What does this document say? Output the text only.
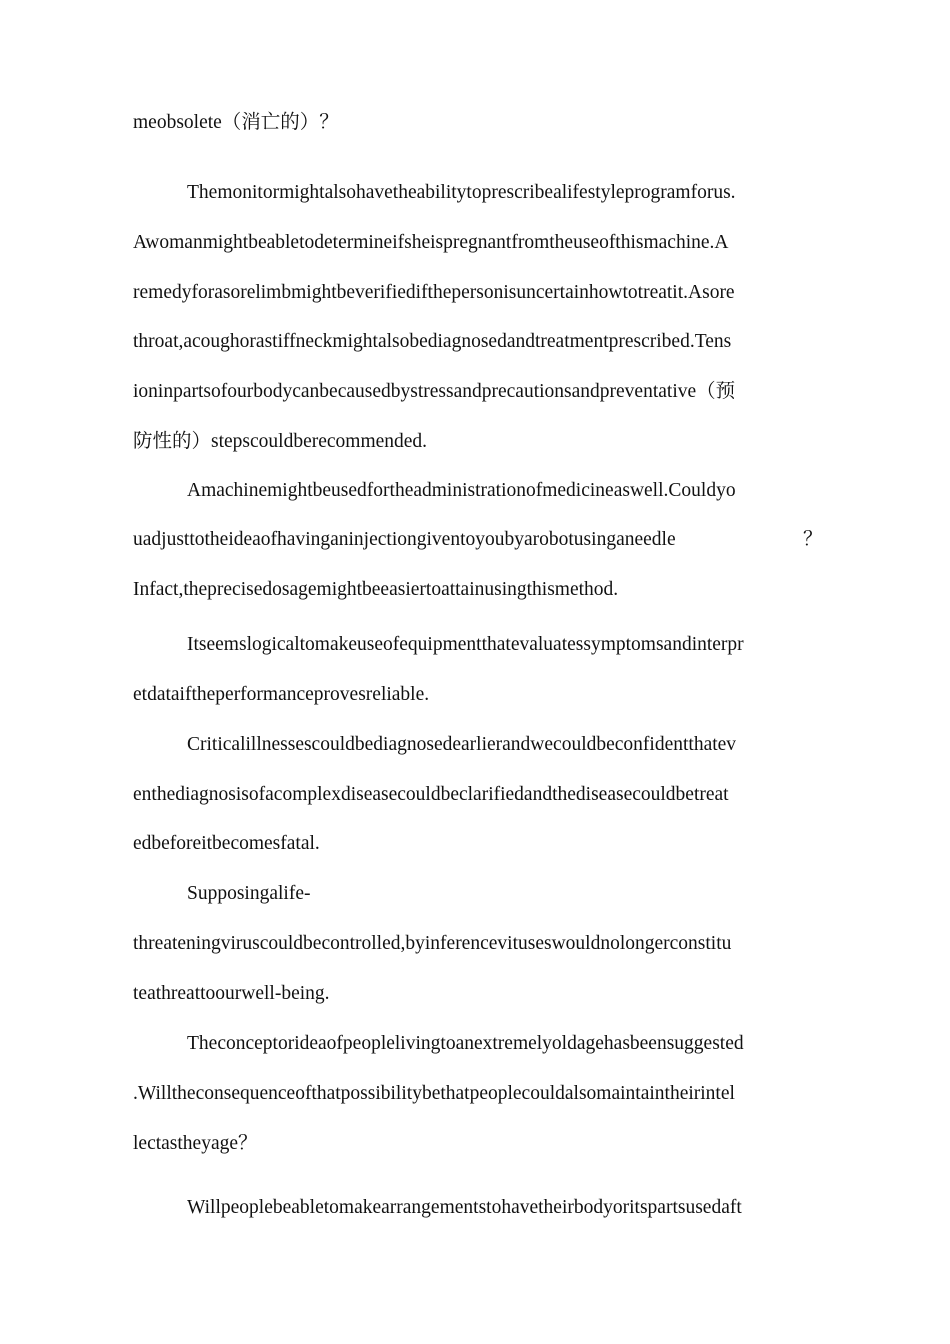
meobsolete（消亡的）？

Themonitormightalsohavetheabilitytoprescribealifestyleprogramforus.

Awomanmightbeabletodetermineifsheispregnantfromtheuseofthismachine.A

remedyforasorelimbmightbeverifiedifthepersonisuncertainhowtotreatit.Asore

throat,acoughorastiffneckmightalsobediagnosedandtreatmentprescribed.Tens

ioninpartsofourbodycanbecausedbystressandprecautionsandpreventative（预

防性的）stepscouldberecommended.

Amachinemightbeusedfortheadministrationofmedicineaswell.Couldyo

uadjusttotheideaofhavinganinjectiongiventoyoubyarobotusinganeedle	？

Infact,theprecisedosagemightbeeasiertoattainusingthismethod.

Itseemslogicaltomakeuseofequipmentthatevaluatessymptomsandinterpr

etdataiftheperformanceprovesreliable.

Criticalillnessescouldbediagnosedearlierandwecouldbeconfidentthatev

enthediagnosisofacomplexdiseasecouldbeclarifiedandthediseasecouldbetreat

edbeforeitbecomesfatal.

Supposingalife-

threateningviruscouldbecontrolled,byinferencevituseswouldnolongerconstitu

teathreattoourwell-being.

Theconceptorideaofpeoplelivingtoanextremelyoldagehasbeensuggested

.Willtheconsequenceofthatpossibilitybethatpeoplecouldalsomaintaintheirintel

lectastheyage？

Willpeoplebeabletomakearrangementstohavetheirbodyoritspartsusedaft
